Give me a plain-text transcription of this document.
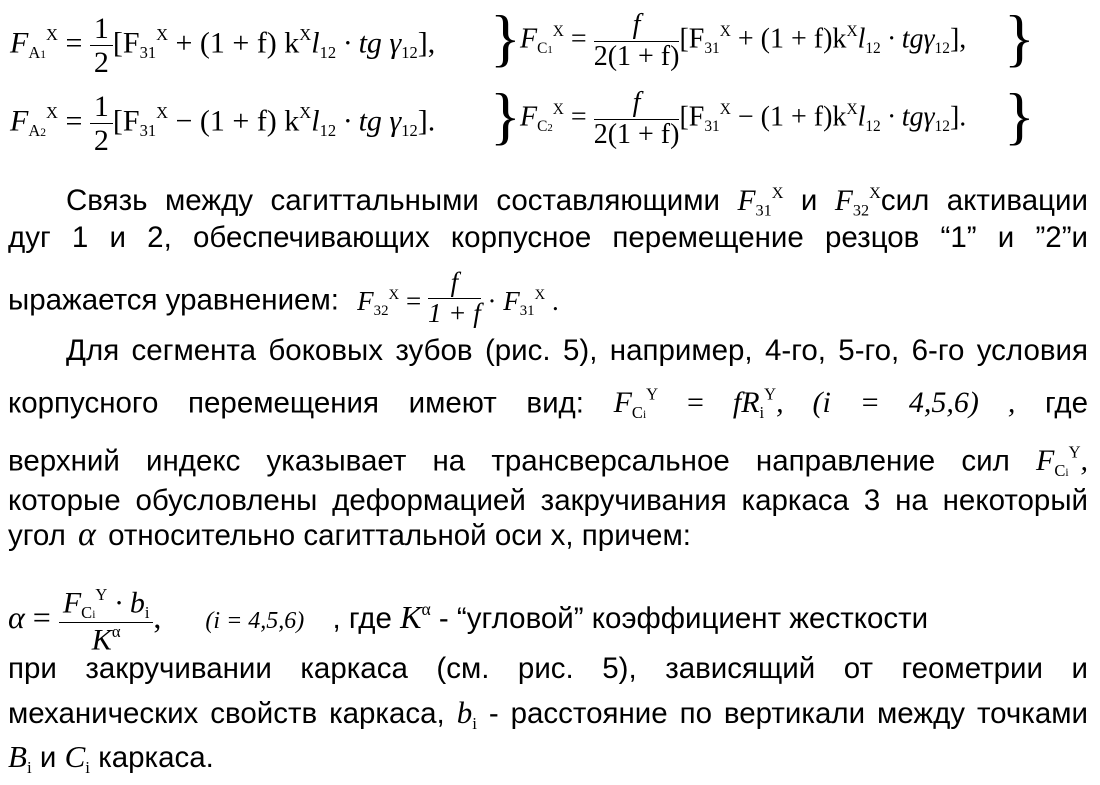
$F_{A1}^X = \frac{1}{2} [F_{31}^X + (1 + f) k^Xl_{12}$ · tg $\gamma_{12}$],
$F_{A2}^X = \frac{1}{2} [F_{31}^X - (1 + f) k^Xl_{12}$ · tg $\gamma_{12}$].
}
}
$F_{C1}^X = \frac{f}{2(1 + f)} [F_{31}^X + (1 + f)k^Xl_{12} \cdot tg\gamma_{12}]$,
$F_{C2}^X = \frac{f}{2(1 + f)} [F_{31}^X - (1 + f)k^Xl_{12} \cdot tg\gamma_{12}]$.
}
}
Связь между сагиттальными составляющими $F_{31}^X$ и $F_{32}^Xсил$ активации
дуг 1 и 2, обеспечивающих корпусное перемещение резцов “1” и ”2”и
ыражается уравнением: $F_{32}^X = \frac{f}{1 + f} \cdot F_{31}^X$ .
Для сегмента боковых зубов (рис. 5), например, 4-го, 5-го, 6-го условия
корпусного перемещения имеют вид: $F_{Ci}^Y = fR_i^Y$, (i = 4,5,6) , где
верхний индекс указывает на трансверсальное направление сил $F_{Ci}^Y$,
которые обусловлены деформацией закручивания каркаса 3 на некоторый
угол α относительно сагиттальной оси x, причем:
$\alpha = \frac{F_{Ci}^Y \cdot b_i}{K^\alpha}$ , (i = 4,5,6) , где $K^\alpha$ - “угловой” коэффициент жесткости
при закручивании каркаса (см. рис. 5), зависящий от геометрии и
механических свойств каркаса, $b_i$ - расстояние по вертикали между точками
$B_i$ и $C_i$ каркаса.
